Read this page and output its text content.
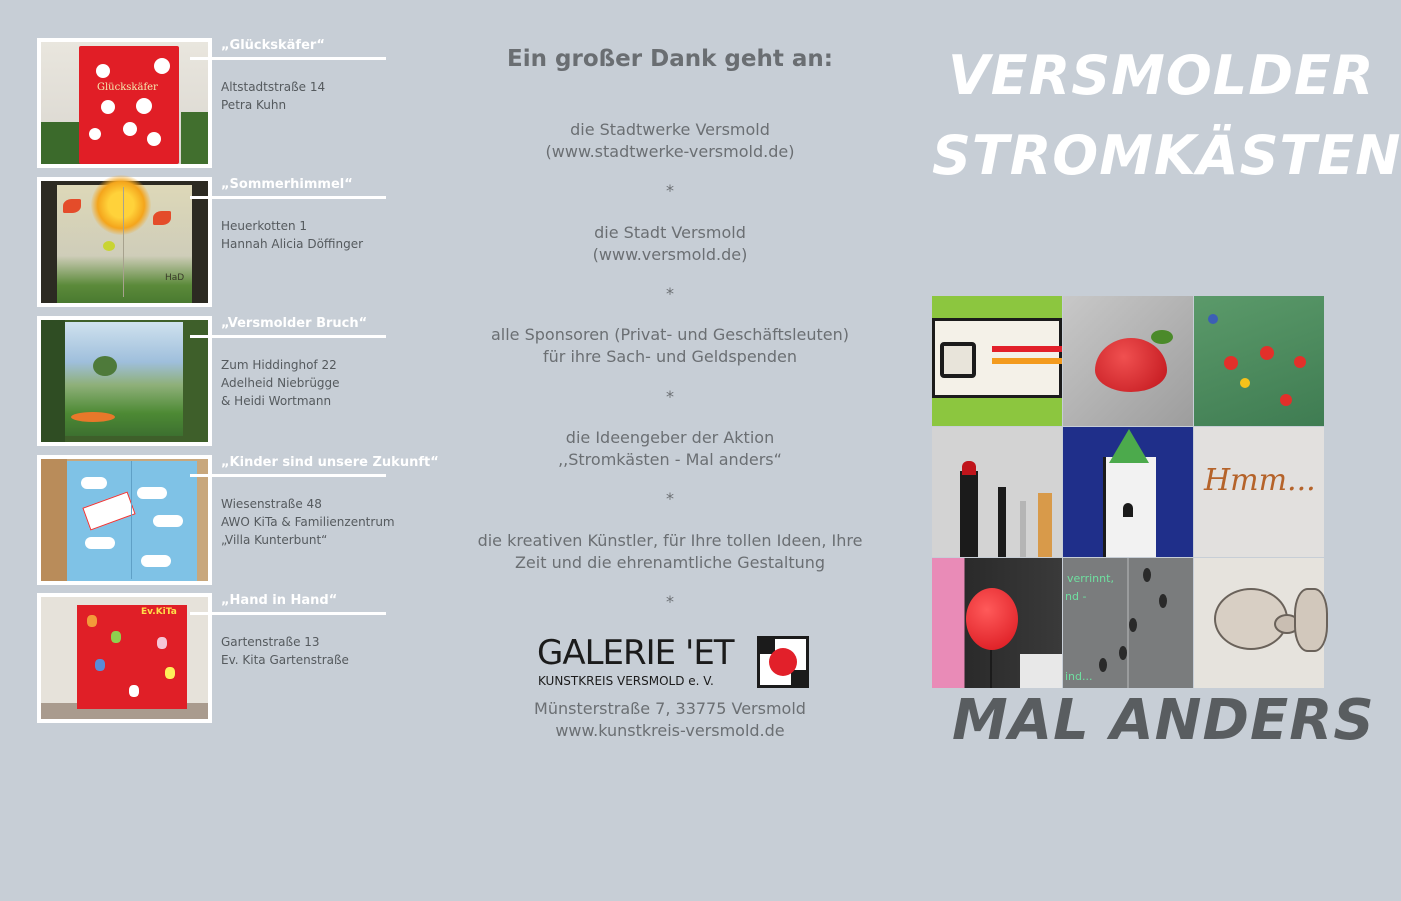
Glückskäfer
„Glückskäfer“
Altstadtstraße 14
Petra Kuhn
HaD
„Sommerhimmel“
Heuerkotten 1
Hannah Alicia Döffinger
„Versmolder Bruch“
Zum Hiddinghof 22
Adelheid Niebrügge
& Heidi Wortmann
„Kinder sind unsere Zukunft“
Wiesenstraße 48
AWO KiTa & Familienzentrum
„Villa Kunterbunt“
Ev.KiTa
„Hand in Hand“
Gartenstraße 13
Ev. Kita Gartenstraße
Ein großer Dank geht an:
die Stadtwerke Versmold
(www.stadtwerke-versmold.de)
*
die Stadt Versmold
(www.versmold.de)
*
alle Sponsoren (Privat- und Geschäftsleuten)
für ihre Sach- und Geldspenden
*
die Ideengeber der Aktion
,,Stromkästen - Mal anders“
*
die kreativen Künstler, für Ihre tollen Ideen, Ihre
Zeit und die ehrenamtliche Gestaltung
*
GALERIE 'ET
KUNSTKREIS VERSMOLD e. V.
Münsterstraße 7, 33775 Versmold
www.kunstkreis-versmold.de
VERSMOLDER
STROMKÄSTEN
Hmm...
verrinnt,
nd -
ind...
MAL ANDERS
